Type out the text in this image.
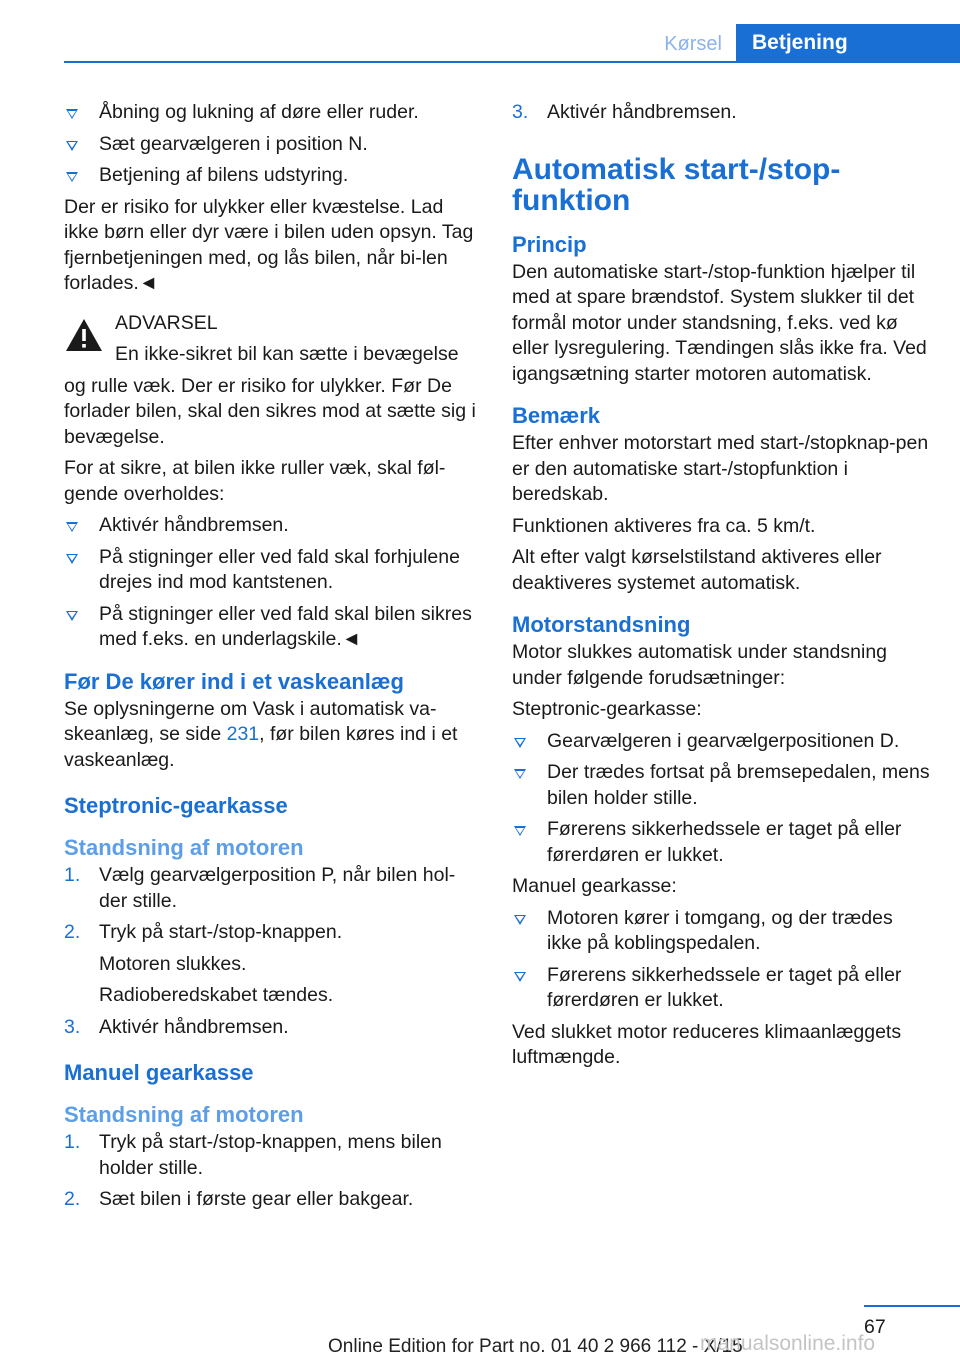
Kørsel	Betjening
Åbning og lukning af døre eller ruder.
Sæt gearvælgeren i position N.
Betjening af bilens udstyring.

Der er risiko for ulykker eller kvæstelse. Lad ikke børn eller dyr være i bilen uden opsyn. Tag fjernbetjeningen med, og lås bilen, når bi-len forlades.◄

ADVARSEL
En ikke-sikret bil kan sætte i bevægelse
og rulle væk. Der er risiko for ulykker. Før De forlader bilen, skal den sikres mod at sætte sig i bevægelse.

For at sikre, at bilen ikke ruller væk, skal føl-gende overholdes:

Aktivér håndbremsen.
På stigninger eller ved fald skal forhjulene drejes ind mod kantstenen.
På stigninger eller ved fald skal bilen sikres med f.eks. en underlagskile.◄
Før De kører ind i et vaskeanlæg

Se oplysningerne om Vask i automatisk va-skeanlæg, se side 231, før bilen køres ind i et vaskeanlæg.

Steptronic-gearkasse
Standsning af motoren
1. Vælg gearvælgerposition P, når bilen hol-der stille.
2. Tryk på start-/stop-knappen.

Motoren slukkes.

Radioberedskabet tændes.

3. Aktivér håndbremsen.
Manuel gearkasse
Standsning af motoren
1. Tryk på start-/stop-knappen, mens bilen holder stille.
2. Sæt bilen i første gear eller bakgear.
3. Aktivér håndbremsen.
Automatisk start-/stop-funktion
Princip

Den automatiske start-/stop-funktion hjælper til med at spare brændstof. System slukker til det formål motor under standsning, f.eks. ved kø eller lysregulering. Tændingen slås ikke fra. Ved igangsætning starter motoren automatisk.

Bemærk

Efter enhver motorstart med start-/stopknap-pen er den automatiske start-/stopfunktion i beredskab.

Funktionen aktiveres fra ca. 5 km/t.

Alt efter valgt kørselstilstand aktiveres eller deaktiveres systemet automatisk.

Motorstandsning

Motor slukkes automatisk under standsning under følgende forudsætninger:

Steptronic-gearkasse:

Gearvælgeren i gearvælgerpositionen D.
Der trædes fortsat på bremsepedalen, mens bilen holder stille.
Førerens sikkerhedssele er taget på eller førerdøren er lukket.

Manuel gearkasse:

Motoren kører i tomgang, og der trædes ikke på koblingspedalen.
Førerens sikkerhedssele er taget på eller førerdøren er lukket.

Ved slukket motor reduceres klimaanlæggets luftmængde.

67
Online Edition for Part no. 01 40 2 966 112 - X/15
manualsonline.info
